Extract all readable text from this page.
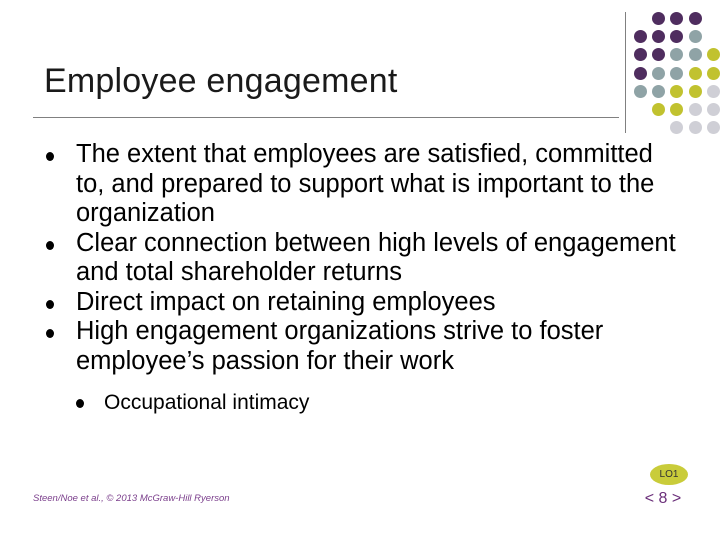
Employee engagement
The extent that employees are satisfied, committed to, and prepared to support what is important to the organization
Clear connection between high levels of engagement and total shareholder returns
Direct impact on retaining employees
High engagement organizations strive to foster employee’s passion for their work
Occupational intimacy
LO1
Steen/Noe et al., © 2013 McGraw-Hill Ryerson	< 8 >
